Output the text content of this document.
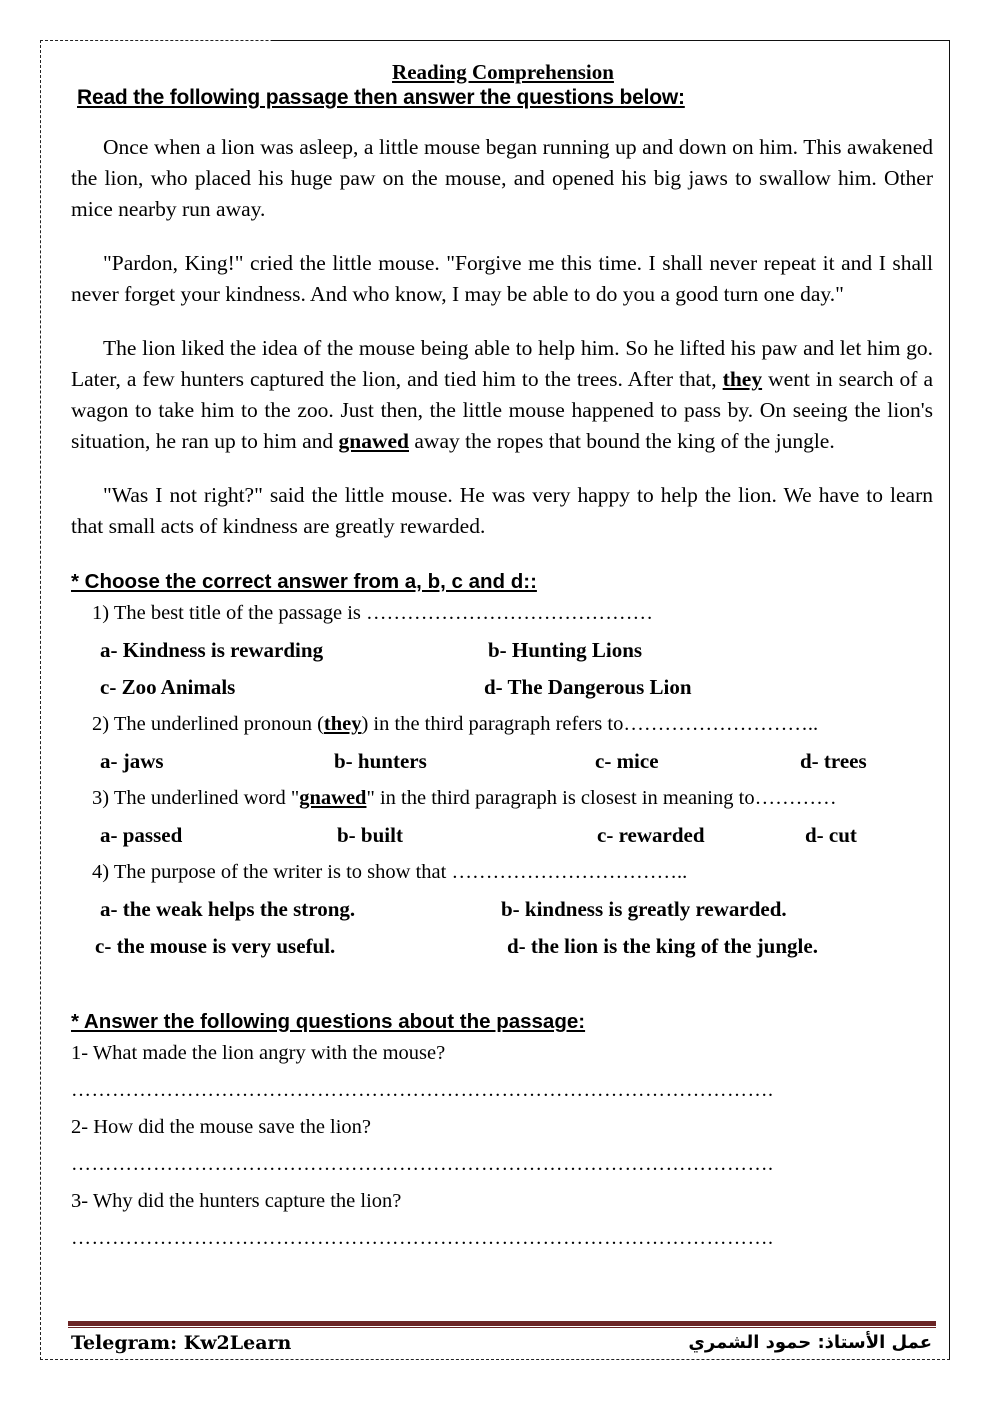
Reading Comprehension
Read the following passage then answer the questions below:

Once when a lion was asleep, a little mouse began running up and down on him. This awakened the lion, who placed his huge paw on the mouse, and opened his big jaws to swallow him. Other mice nearby run away.

"Pardon, King!" cried the little mouse. "Forgive me this time. I shall never repeat it and I shall never forget your kindness. And who know, I may be able to do you a good turn one day."

The lion liked the idea of the mouse being able to help him. So he lifted his paw and let him go. Later, a few hunters captured the lion, and tied him to the trees. After that, they went in search of a wagon to take him to the zoo. Just then, the little mouse happened to pass by. On seeing the lion's situation, he ran up to him and gnawed away the ropes that bound the king of the jungle.

"Was I not right?" said the little mouse. He was very happy to help the lion. We have to learn that small acts of kindness are greatly rewarded.

* Choose the correct answer from a, b, c and d::
1) The best title of the passage is ……………………………………
a- Kindness is rewarding	b- Hunting Lions
c- Zoo Animals	d- The Dangerous Lion
2) The underlined pronoun (they) in the third paragraph refers to………………………..
a- jaws	b- hunters	c- mice	d- trees
3) The underlined word "gnawed" in the third paragraph is closest in meaning to…………
a- passed	b- built	c- rewarded	d- cut
4) The purpose of the writer is to show that ……………………………..
a- the weak helps the strong.	b- kindness is greatly rewarded.
c- the mouse is very useful.	d- the lion is the king of the jungle.
* Answer the following questions about the passage:
1- What made the lion angry with the mouse?
………………………………………………………………………………………….
2- How did the mouse save the lion?
………………………………………………………………………………………….
3- Why did the hunters capture the lion?
………………………………………………………………………………………….
Telegram: Kw2Learn	عمل الأستاذ: حمود الشمري
